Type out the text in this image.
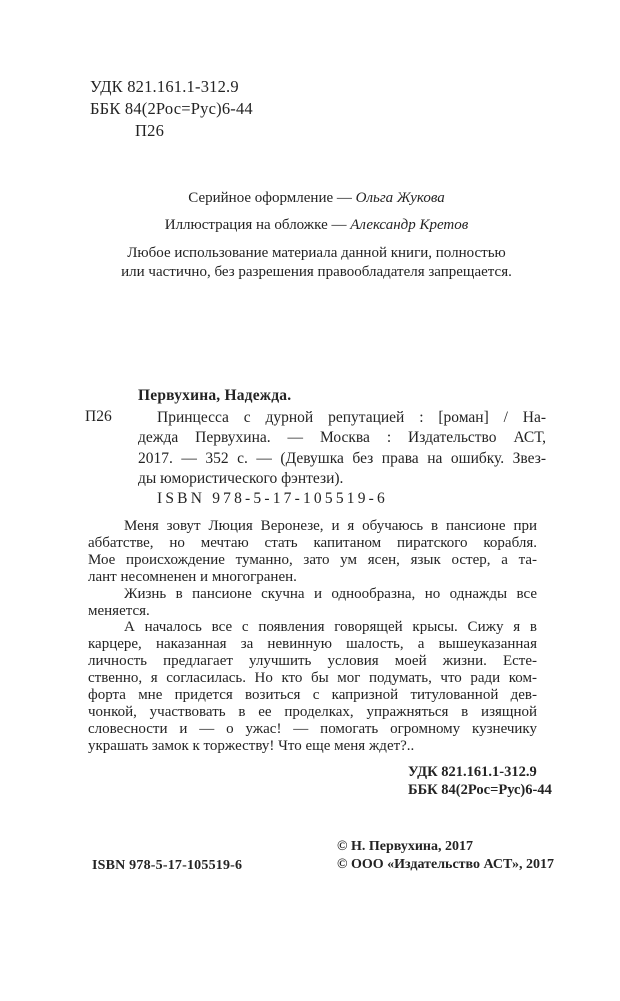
УДК 821.161.1-312.9
ББК 84(2Рос=Рус)6-44
П26
Серийное оформление — Ольга Жукова
Иллюстрация на обложке — Александр Кретов
Любое использование материала данной книги, полностью
или частично, без разрешения правообладателя запрещается.
Первухина, Надежда.
П26	Принцесса с дурной репутацией : [роман] / На-
дежда Первухина. — Москва : Издательство АСТ,
2017. — 352 с. — (Девушка без права на ошибку. Звез-
ды юмористического фэнтези).
ISBN 978-5-17-105519-6
Меня зовут Люция Веронезе, и я обучаюсь в пансионе при
аббатстве, но мечтаю стать капитаном пиратского корабля.
Мое происхождение туманно, зато ум ясен, язык остер, а та-
лант несомненен и многогранен.
Жизнь в пансионе скучна и однообразна, но однажды все
меняется.
А началось все с появления говорящей крысы. Сижу я в
карцере, наказанная за невинную шалость, а вышеуказанная
личность предлагает улучшить условия моей жизни. Есте-
ственно, я согласилась. Но кто бы мог подумать, что ради ком-
форта мне придется возиться с капризной титулованной дев-
чонкой, участвовать в ее проделках, упражняться в изящной
словесности и — о ужас! — помогать огромному кузнечику
украшать замок к торжеству! Что еще меня ждет?..
УДК 821.161.1-312.9
ББК 84(2Рос=Рус)6-44
ISBN 978-5-17-105519-6
© Н. Первухина, 2017
© ООО «Издательство АСТ», 2017
